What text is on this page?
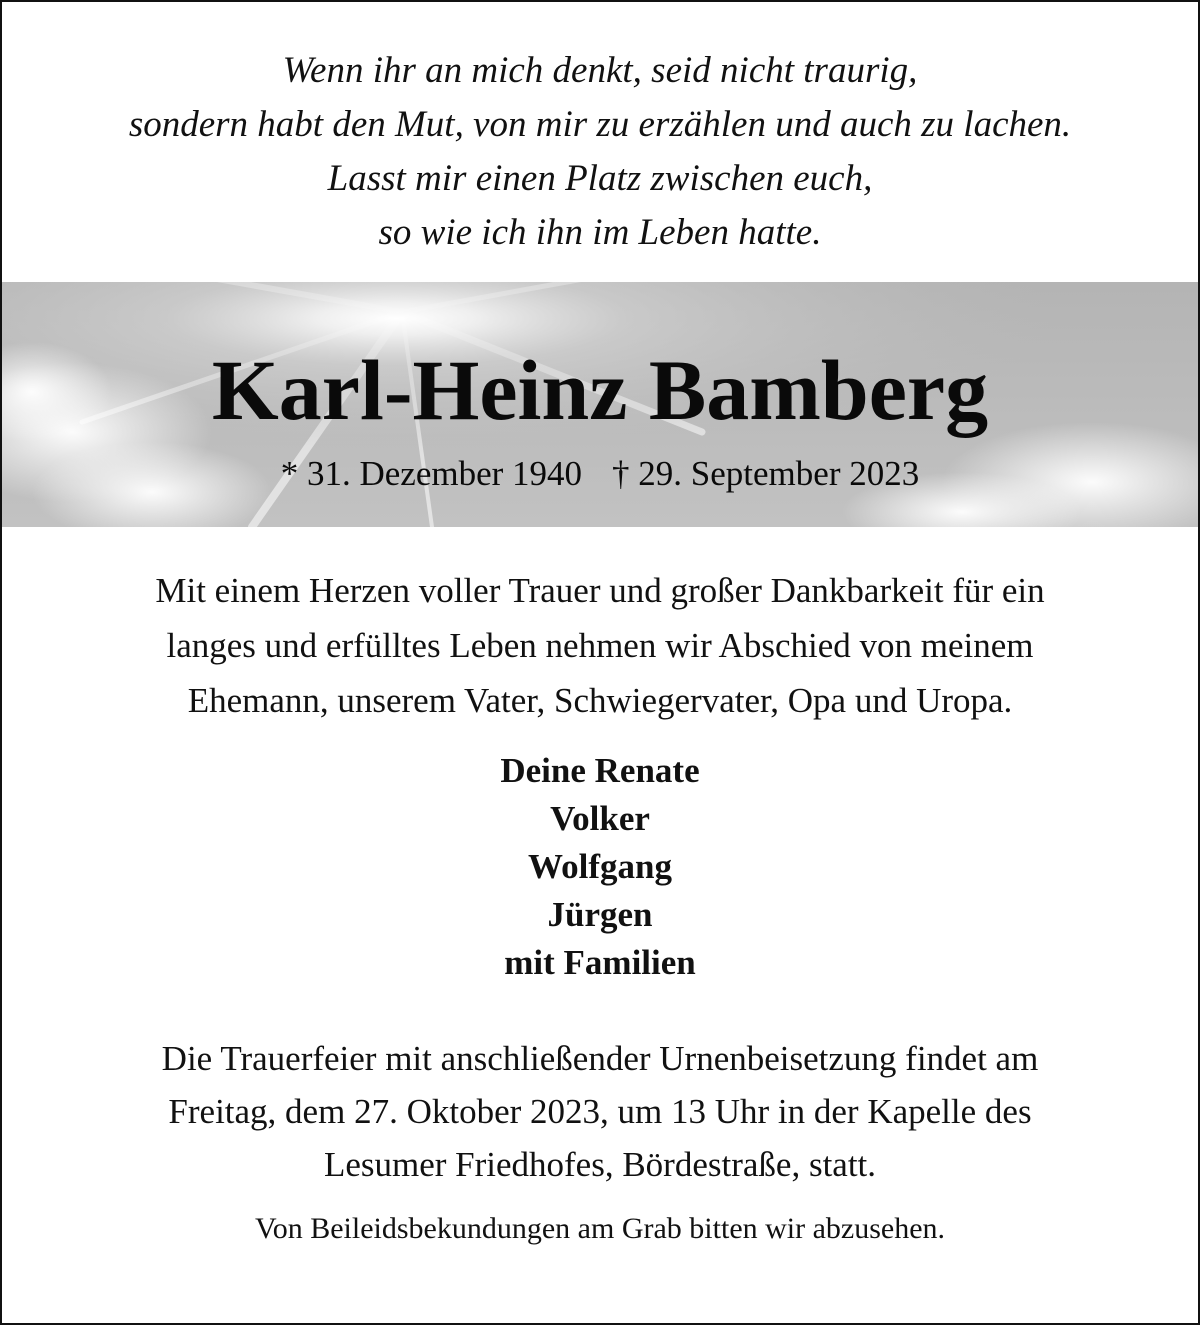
Wenn ihr an mich denkt, seid nicht traurig,
sondern habt den Mut, von mir zu erzählen und auch zu lachen.
Lasst mir einen Platz zwischen euch,
so wie ich ihn im Leben hatte.
Karl-Heinz Bamberg
* 31. Dezember 1940 † 29. September 2023
Mit einem Herzen voller Trauer und großer Dankbarkeit für ein
langes und erfülltes Leben nehmen wir Abschied von meinem
Ehemann, unserem Vater, Schwiegervater, Opa und Uropa.
Deine Renate
Volker
Wolfgang
Jürgen
mit Familien
Die Trauerfeier mit anschließender Urnenbeisetzung findet am
Freitag, dem 27. Oktober 2023, um 13 Uhr in der Kapelle des
Lesumer Friedhofes, Bördestraße, statt.
Von Beileidsbekundungen am Grab bitten wir abzusehen.
